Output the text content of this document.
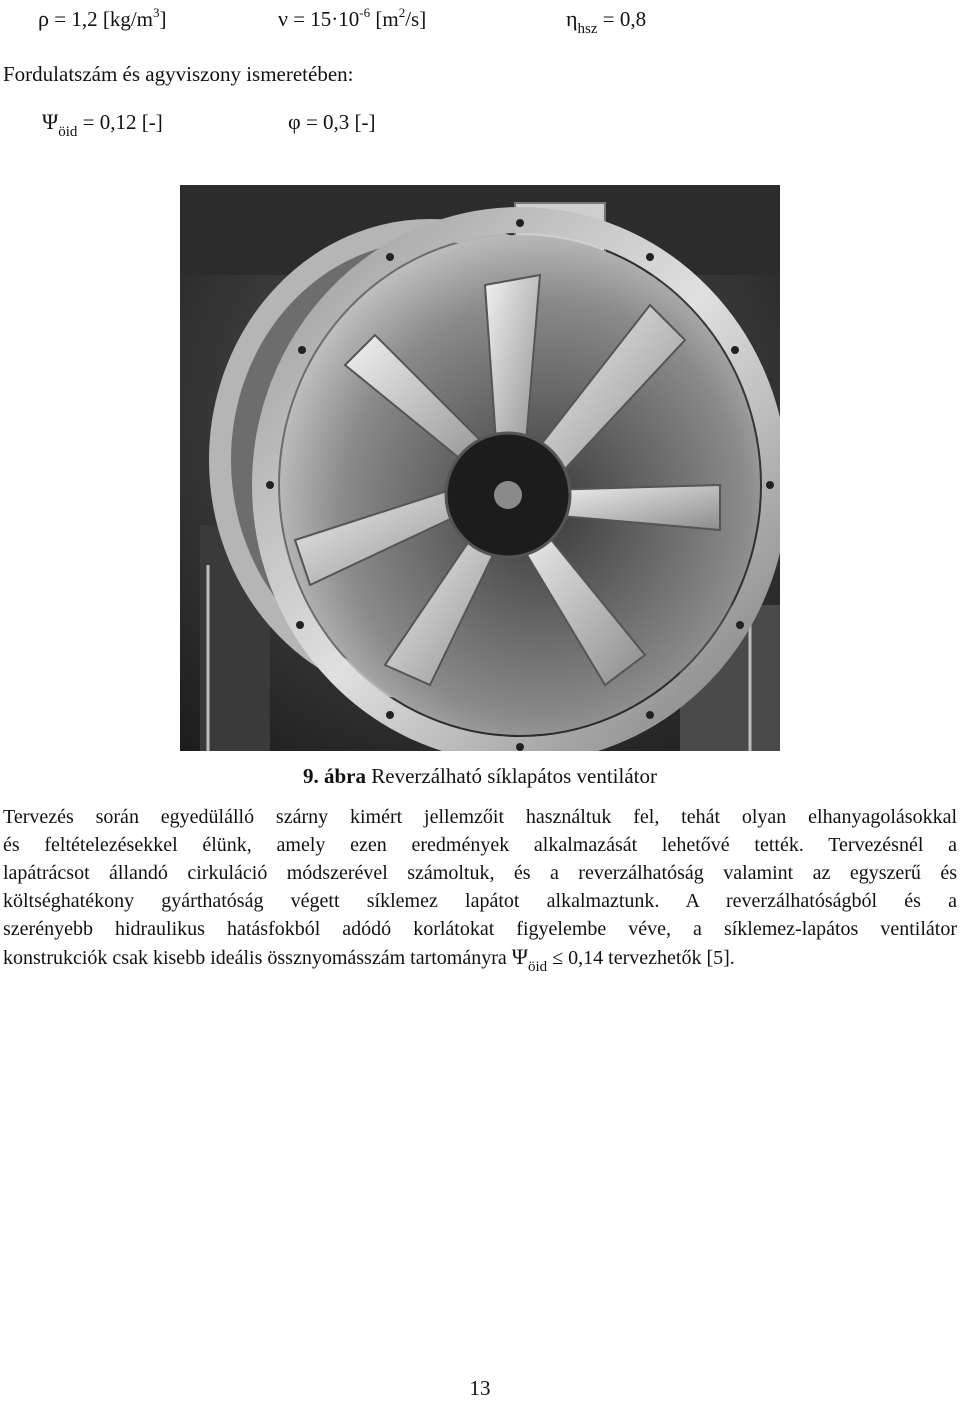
ρ = 1,2 $[kg/m^3]$	$\nu = 15\cdot 10^{-6}$ $[m^2/s]$	$\eta_{hsz} = 0,8$
Fordulatszám és agyviszony ismeretében:
$\Psi_{öid} = 0,12$ [-]	φ = 0,3 [-]
9. ábra Reverzálható síklapátos ventilátor
Tervezés során egyedülálló szárny kimért jellemzőit használtuk fel, tehát olyan elhanyagolásokkal
és feltételezésekkel élünk, amely ezen eredmények alkalmazását lehetővé tették. Tervezésnél a
lapátrácsot állandó cirkuláció módszerével számoltuk, és a reverzálhatóság valamint az egyszerű és
költséghatékony gyárthatóság végett síklemez lapátot alkalmaztunk. A reverzálhatóságból és a
szerényebb hidraulikus hatásfokból adódó korlátokat figyelembe véve, a síklemez-lapátos ventilátor
konstrukciók csak kisebb ideális össznyomásszám tartományra $\Psi_{öid} \le 0,14$ tervezhetők [5].
13
